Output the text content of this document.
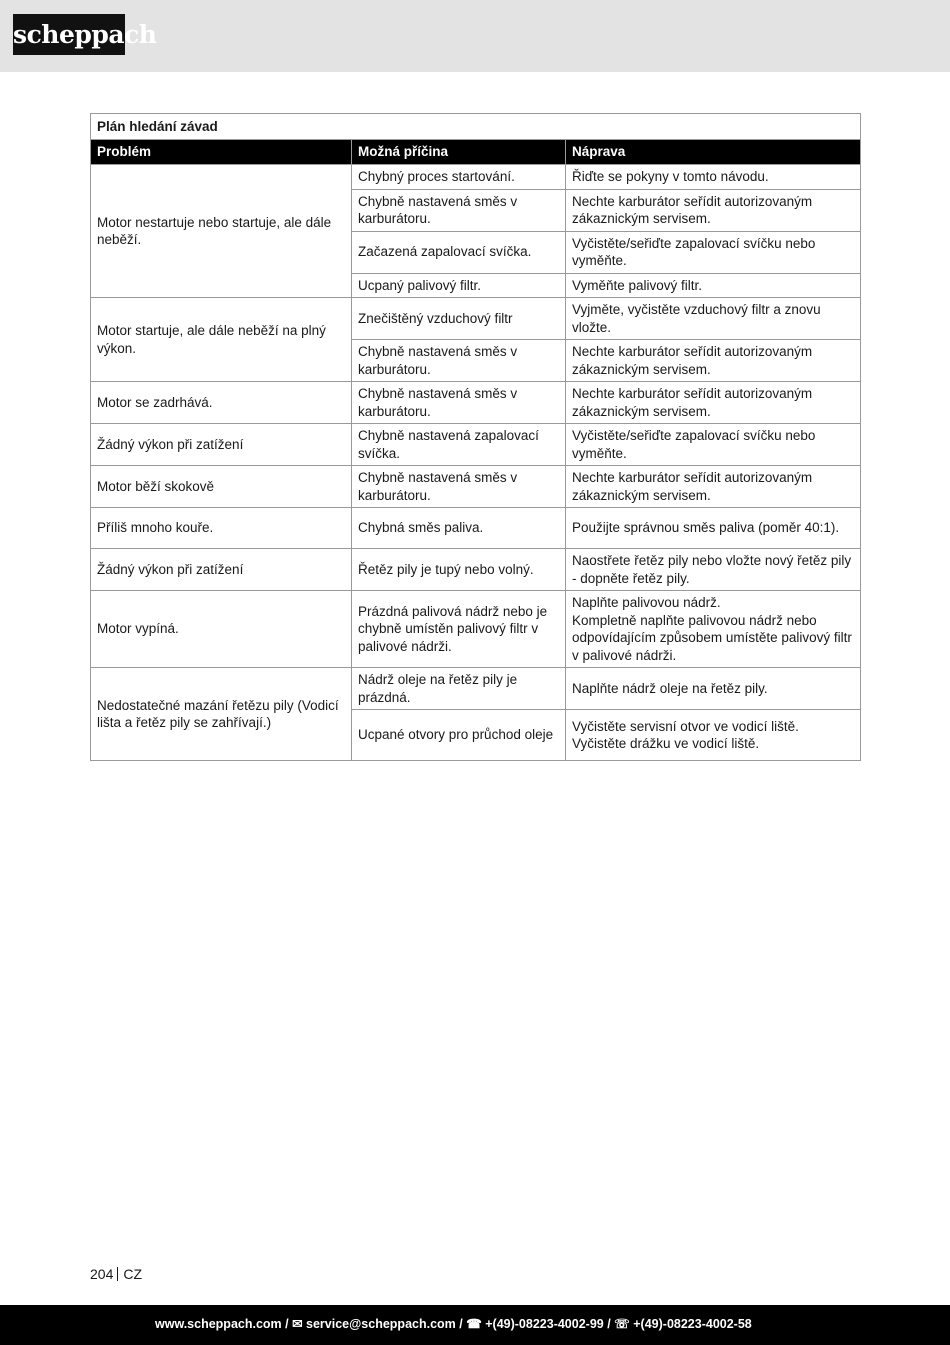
scheppach
Plán hledání závad		
Problém	Možná příčina	Náprava
Motor nestartuje nebo startuje, ale dále neběží.	Chybný proces startování.	Řiďte se pokyny v tomto návodu.
	Chybně nastavená směs v karburátoru.	Nechte karburátor seřídit autorizovaným zákaznickým servisem.
	Začazená zapalovací svíčka.	Vyčistěte/seřiďte zapalovací svíčku nebo vyměňte.
	Ucpaný palivový filtr.	Vyměňte palivový filtr.
Motor startuje, ale dále neběží na plný výkon.	Znečištěný vzduchový filtr	Vyjměte, vyčistěte vzduchový filtr a znovu vložte.
	Chybně nastavená směs v karburátoru.	Nechte karburátor seřídit autorizovaným zákaznickým servisem.
Motor se zadrhává.	Chybně nastavená směs v karburátoru.	Nechte karburátor seřídit autorizovaným zákaznickým servisem.
Žádný výkon při zatížení	Chybně nastavená zapalovací svíčka.	Vyčistěte/seřiďte zapalovací svíčku nebo vyměňte.
Motor běží skokově	Chybně nastavená směs v karburátoru.	Nechte karburátor seřídit autorizovaným zákaznickým servisem.
Příliš mnoho kouře.	Chybná směs paliva.	Použijte správnou směs paliva (poměr 40:1).
Žádný výkon při zatížení	Řetěz pily je tupý nebo volný.	Naostřete řetěz pily nebo vložte nový řetěz pily - dopněte řetěz pily.
Motor vypíná.	Prázdná palivová nádrž nebo je chybně umístěn palivový filtr v palivové nádrži.	Naplňte palivovou nádrž.
Kompletně naplňte palivovou nádrž nebo odpovídajícím způsobem umístěte palivový filtr v palivové nádrži.
Nedostatečné mazání řetězu pily (Vodicí lišta a řetěz pily se zahřívají.)	Nádrž oleje na řetěz pily je prázdná.	Naplňte nádrž oleje na řetěz pily.
	Ucpané otvory pro průchod oleje	Vyčistěte servisní otvor ve vodicí liště.
Vyčistěte drážku ve vodicí liště.
204 CZ
www.scheppach.com / ✉ service@scheppach.com / ☎ +(49)-08223-4002-99 / ☏ +(49)-08223-4002-58
